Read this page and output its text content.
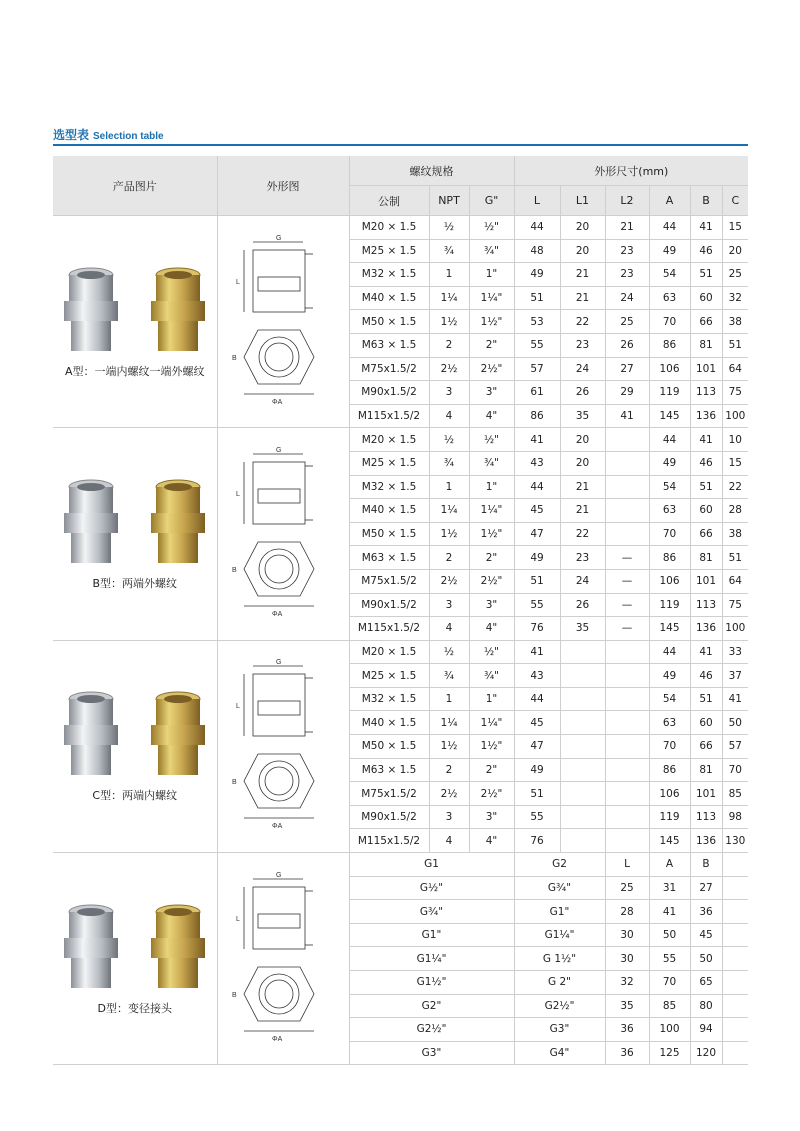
选型表 Selection table
产品图片	外形图	螺纹规格			外形尺寸(mm)					
		公制	NPT	G"	L	L1	L2	A	B	C

A型：一端内螺纹一端外螺纹	G
L
ΦA
B	M20 × 1.5	½	½"	44	20	21	44	41	15
		M25 × 1.5	¾	¾"	48	20	23	49	46	20
		M32 × 1.5	1	1"	49	21	23	54	51	25
		M40 × 1.5	1¼	1¼"	51	21	24	63	60	32
		M50 × 1.5	1½	1½"	53	22	25	70	66	38
		M63 × 1.5	2	2"	55	23	26	86	81	51
		M75x1.5/2	2½	2½"	57	24	27	106	101	64
		M90x1.5/2	3	3"	61	26	29	119	113	75
		M115x1.5/2	4	4"	86	35	41	145	136	100

B型：两端外螺纹	G
L
ΦA
B	M20 × 1.5	½	½"	41	20		44	41	10
		M25 × 1.5	¾	¾"	43	20		49	46	15
		M32 × 1.5	1	1"	44	21		54	51	22
		M40 × 1.5	1¼	1¼"	45	21		63	60	28
		M50 × 1.5	1½	1½"	47	22		70	66	38
		M63 × 1.5	2	2"	49	23	—	86	81	51
		M75x1.5/2	2½	2½"	51	24	—	106	101	64
		M90x1.5/2	3	3"	55	26	—	119	113	75
		M115x1.5/2	4	4"	76	35	—	145	136	100

C型：两端内螺纹	G
L
ΦA
B	M20 × 1.5	½	½"	41			44	41	33
		M25 × 1.5	¾	¾"	43			49	46	37
		M32 × 1.5	1	1"	44			54	51	41
		M40 × 1.5	1¼	1¼"	45			63	60	50
		M50 × 1.5	1½	1½"	47			70	66	57
		M63 × 1.5	2	2"	49			86	81	70
		M75x1.5/2	2½	2½"	51			106	101	85
		M90x1.5/2	3	3"	55			119	113	98
		M115x1.5/2	4	4"	76			145	136	130

D型：变径接头	G
L
ΦA
B	G1			G2		L	A	B	
		G½"			G¾"		25	31	27	
		G¾"			G1"		28	41	36	
		G1"			G1¼"		30	50	45	
		G1¼"			G 1½"		30	55	50	
		G1½"			G 2"		32	70	65	
		G2"			G2½"		35	85	80	
		G2½"			G3"		36	100	94	
		G3"			G4"		36	125	120	
